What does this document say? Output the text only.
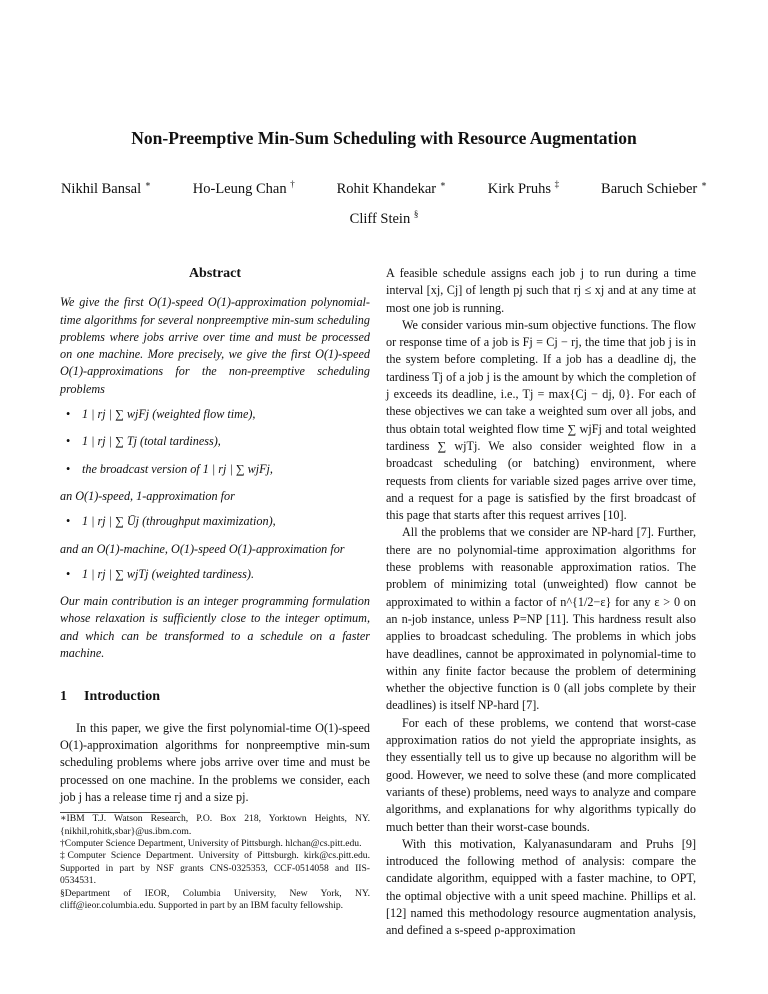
Non-Preemptive Min-Sum Scheduling with Resource Augmentation
Nikhil Bansal ∗	Ho-Leung Chan †	Rohit Khandekar ∗	Kirk Pruhs ‡	Baruch Schieber ∗
Cliff Stein §
Abstract

We give the first O(1)-speed O(1)-approximation polynomial-time algorithms for several nonpreemptive min-sum scheduling problems where jobs arrive over time and must be processed on one machine. More precisely, we give the first O(1)-speed O(1)-approximations for the non-preemptive scheduling problems

• 1 | rj | ∑ wjFj (weighted flow time),
• 1 | rj | ∑ Tj (total tardiness),
• the broadcast version of 1 | rj | ∑ wjFj,

an O(1)-speed, 1-approximation for

• 1 | rj | ∑ Ūj (throughput maximization),

and an O(1)-machine, O(1)-speed O(1)-approximation for

• 1 | rj | ∑ wjTj (weighted tardiness).

Our main contribution is an integer programming formulation whose relaxation is sufficiently close to the integer optimum, and which can be transformed to a schedule on a faster machine.

1 Introduction

In this paper, we give the first polynomial-time O(1)-speed O(1)-approximation algorithms for nonpreemptive min-sum scheduling problems where jobs arrive over time and must be processed on one machine. In the problems we consider, each job j has a release time rj and a size pj.

∗IBM T.J. Watson Research, P.O. Box 218, Yorktown Heights, NY. {nikhil,rohitk,sbar}@us.ibm.com.

†Computer Science Department, University of Pittsburgh. hlchan@cs.pitt.edu.

‡Computer Science Department. University of Pittsburgh. kirk@cs.pitt.edu. Supported in part by NSF grants CNS-0325353, CCF-0514058 and IIS-0534531.

§Department of IEOR, Columbia University, New York, NY. cliff@ieor.columbia.edu. Supported in part by an IBM faculty fellowship.

A feasible schedule assigns each job j to run during a time interval [xj, Cj] of length pj such that rj ≤ xj and at any time at most one job is running.

We consider various min-sum objective functions. The flow or response time of a job is Fj = Cj − rj, the time that job j is in the system before completing. If a job has a deadline dj, the tardiness Tj of a job j is the amount by which the completion of j exceeds its deadline, i.e., Tj = max{Cj − dj, 0}. For each of these objectives we can take a weighted sum over all jobs, and thus obtain total weighted flow time ∑ wjFj and total weighted tardiness ∑ wjTj. We also consider weighted flow in a broadcast scheduling (or batching) environment, where requests from clients for variable sized pages arrive over time, and a request for a page is satisfied by the first broadcast of this page that starts after this request arrives [10].

All the problems that we consider are NP-hard [7]. Further, there are no polynomial-time approximation algorithms for these problems with reasonable approximation ratios. The problem of minimizing total (unweighted) flow cannot be approximated to within a factor of n^{1/2−ε} for any ε > 0 on an n-job instance, unless P=NP [11]. This hardness result also applies to broadcast scheduling. The problems in which jobs have deadlines, cannot be approximated in polynomial-time to within any finite factor because the problem of determining whether the objective function is 0 (all jobs complete by their deadlines) is itself NP-hard [7].

For each of these problems, we contend that worst-case approximation ratios do not yield the appropriate insights, as they essentially tell us to give up because no algorithm will be good. However, we need to solve these (and more complicated variants of these) problems, need ways to analyze and compare algorithms, and explanations for why algorithms typically do much better than their worst-case bounds.

With this motivation, Kalyanasundaram and Pruhs [9] introduced the following method of analysis: compare the candidate algorithm, equipped with a faster machine, to OPT, the optimal objective with a unit speed machine. Phillips et al. [12] named this methodology resource augmentation analysis, and defined a s-speed ρ-approximation
